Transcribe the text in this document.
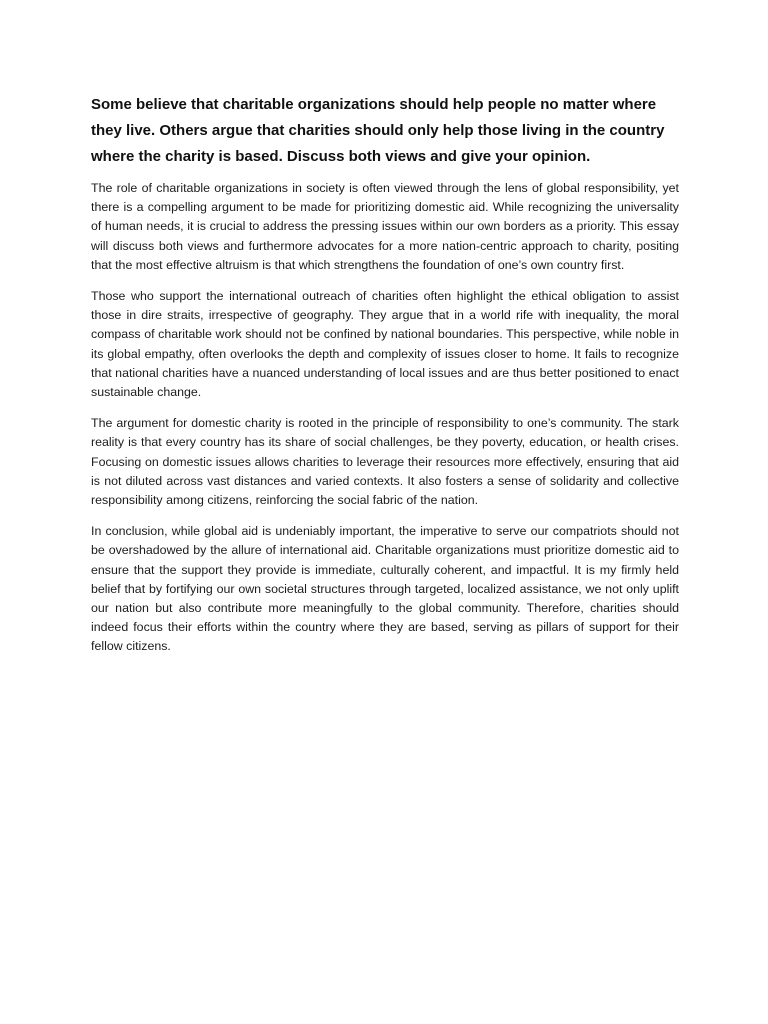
Some believe that charitable organizations should help people no matter where they live. Others argue that charities should only help those living in the country where the charity is based. Discuss both views and give your opinion.

The role of charitable organizations in society is often viewed through the lens of global responsibility, yet there is a compelling argument to be made for prioritizing domestic aid. While recognizing the universality of human needs, it is crucial to address the pressing issues within our own borders as a priority. This essay will discuss both views and furthermore advocates for a more nation-centric approach to charity, positing that the most effective altruism is that which strengthens the foundation of one’s own country first.

Those who support the international outreach of charities often highlight the ethical obligation to assist those in dire straits, irrespective of geography. They argue that in a world rife with inequality, the moral compass of charitable work should not be confined by national boundaries. This perspective, while noble in its global empathy, often overlooks the depth and complexity of issues closer to home. It fails to recognize that national charities have a nuanced understanding of local issues and are thus better positioned to enact sustainable change.

The argument for domestic charity is rooted in the principle of responsibility to one’s community. The stark reality is that every country has its share of social challenges, be they poverty, education, or health crises. Focusing on domestic issues allows charities to leverage their resources more effectively, ensuring that aid is not diluted across vast distances and varied contexts. It also fosters a sense of solidarity and collective responsibility among citizens, reinforcing the social fabric of the nation.

In conclusion, while global aid is undeniably important, the imperative to serve our compatriots should not be overshadowed by the allure of international aid. Charitable organizations must prioritize domestic aid to ensure that the support they provide is immediate, culturally coherent, and impactful. It is my firmly held belief that by fortifying our own societal structures through targeted, localized assistance, we not only uplift our nation but also contribute more meaningfully to the global community. Therefore, charities should indeed focus their efforts within the country where they are based, serving as pillars of support for their fellow citizens.
